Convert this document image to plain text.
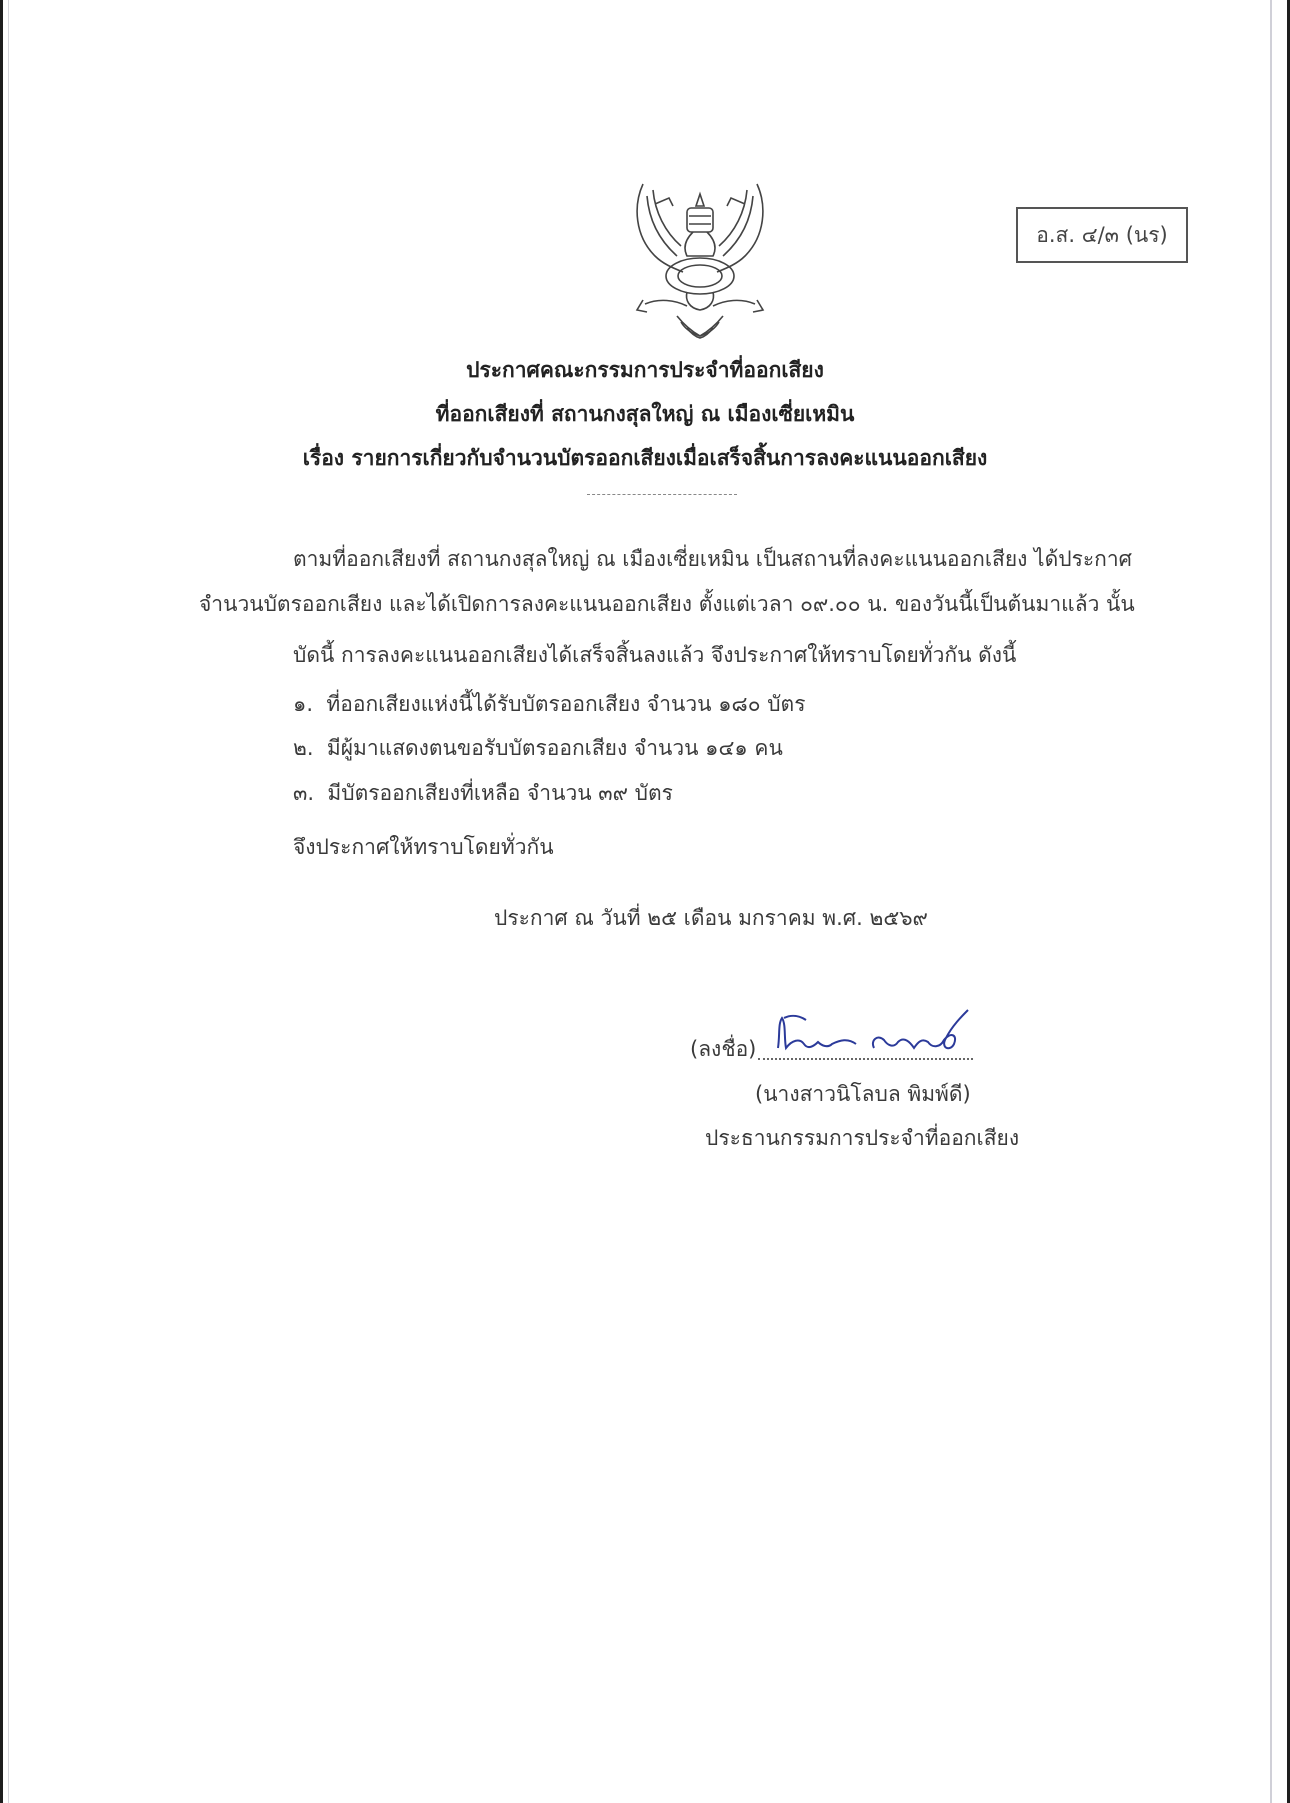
อ.ส. ๔/๓ (นร)
ประกาศคณะกรรมการประจำที่ออกเสียง
ที่ออกเสียงที่ สถานกงสุลใหญ่ ณ เมืองเซี่ยเหมิน
เรื่อง รายการเกี่ยวกับจำนวนบัตรออกเสียงเมื่อเสร็จสิ้นการลงคะแนนออกเสียง
ตามที่ออกเสียงที่ สถานกงสุลใหญ่ ณ เมืองเซี่ยเหมิน เป็นสถานที่ลงคะแนนออกเสียง ได้ประกาศ
จำนวนบัตรออกเสียง และได้เปิดการลงคะแนนออกเสียง ตั้งแต่เวลา ๐๙.๐๐ น. ของวันนี้เป็นต้นมาแล้ว นั้น
บัดนี้ การลงคะแนนออกเสียงได้เสร็จสิ้นลงแล้ว จึงประกาศให้ทราบโดยทั่วกัน ดังนี้
๑. ที่ออกเสียงแห่งนี้ได้รับบัตรออกเสียง จำนวน ๑๘๐ บัตร
๒. มีผู้มาแสดงตนขอรับบัตรออกเสียง จำนวน ๑๔๑ คน
๓. มีบัตรออกเสียงที่เหลือ จำนวน ๓๙ บัตร
จึงประกาศให้ทราบโดยทั่วกัน
ประกาศ ณ วันที่ ๒๕ เดือน มกราคม พ.ศ. ๒๕๖๙
(ลงชื่อ)
(นางสาวนิโลบล พิมพ์ดี)
ประธานกรรมการประจำที่ออกเสียง
